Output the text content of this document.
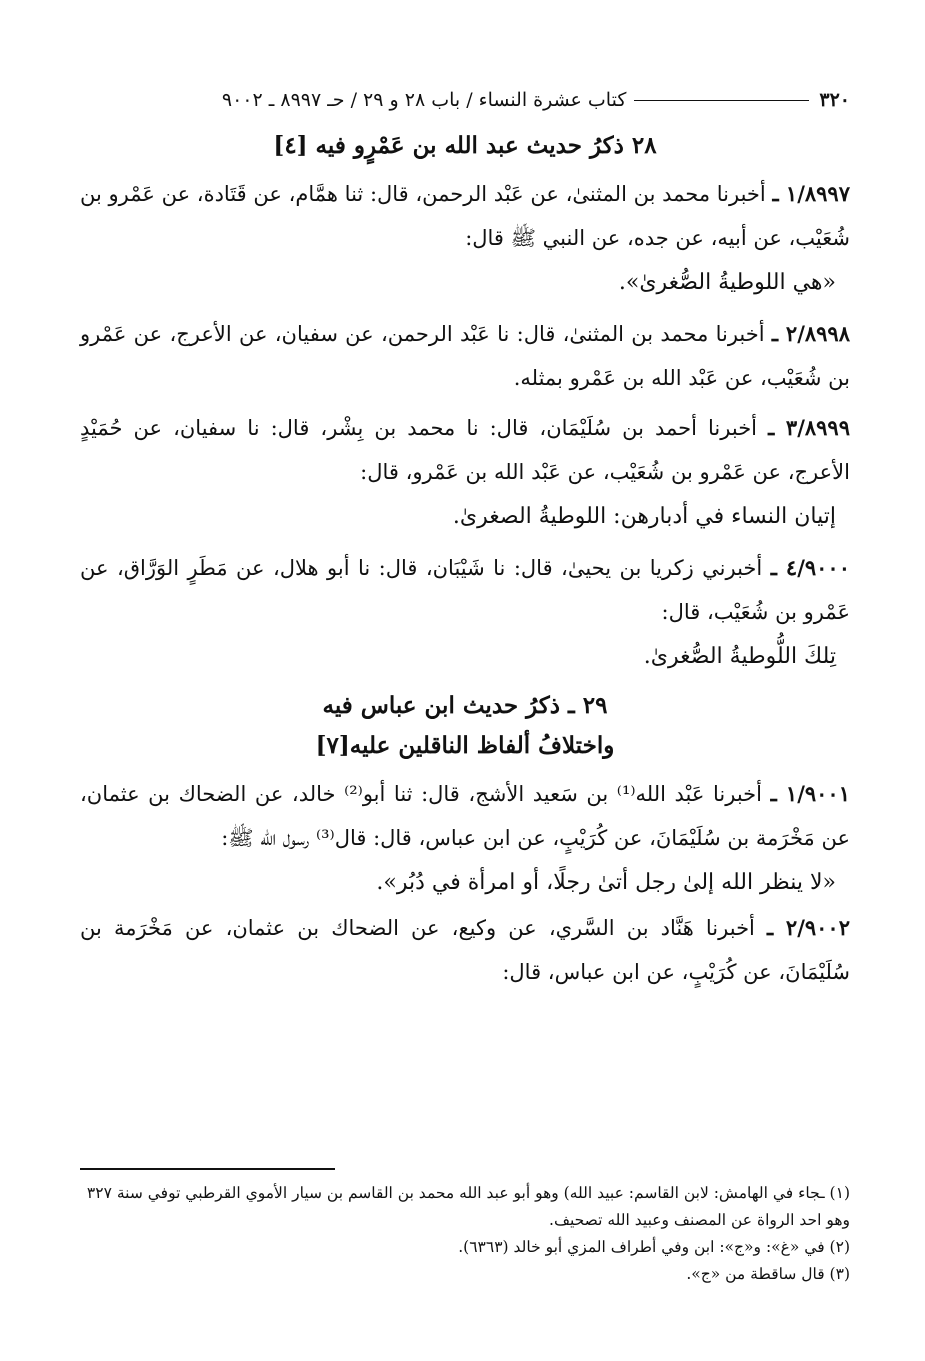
٣٢٠
كتاب عشرة النساء / باب ٢٨ و ٢٩ / حـ ٨٩٩٧ ـ ٩٠٠٢
٢٨ ذكرُ حديث عبد الله بن عَمْرٍو فيه [٤]

١/٨٩٩٧ ـ أخبرنا محمد بن المثنىٰ، عن عَبْد الرحمن، قال: ثنا همَّام، عن قَتَادة، عن عَمْرو بن شُعَيْب، عن أبيه، عن جده، عن النبي ﷺ قال:

«هي اللوطيةُ الصُّغرىٰ».

٢/٨٩٩٨ ـ أخبرنا محمد بن المثنىٰ، قال: نا عَبْد الرحمن، عن سفيان، عن الأعرج، عن عَمْرو بن شُعَيْب، عن عَبْد الله بن عَمْرو بمثله.

٣/٨٩٩٩ ـ أخبرنا أحمد بن سُلَيْمَان، قال: نا محمد بن بِشْر، قال: نا سفيان، عن حُمَيْدٍ الأعرج، عن عَمْرو بن شُعَيْب، عن عَبْد الله بن عَمْرو، قال:

إتيان النساء في أدبارهن: اللوطيةُ الصغرىٰ.

٤/٩٠٠٠ ـ أخبرني زكريا بن يحيىٰ، قال: نا شَيْبَان، قال: نا أبو هلال، عن مَطَرٍ الوَرَّاق، عن عَمْرو بن شُعَيْب، قال:

تِلكَ اللُّوطيةُ الصُّغرىٰ.

٢٩ ـ ذكرُ حديث ابن عباس فيه
واختلافُ ألفاظ الناقلين عليه[٧]

١/٩٠٠١ ـ أخبرنا عَبْد الله⁽¹⁾ بن سَعيد الأشج، قال: ثنا أبو⁽²⁾ خالد، عن الضحاك بن عثمان، عن مَخْرَمة بن سُلَيْمَانَ، عن كُرَيْبٍ، عن ابن عباس، قال: قال⁽³⁾ رسول الله ﷺ:

«لا ينظر الله إلىٰ رجل أتىٰ رجلًا، أو امرأة في دُبُر».

٢/٩٠٠٢ ـ أخبرنا هَنَّاد بن السَّري، عن وكيع، عن الضحاك بن عثمان، عن مَخْرَمة بن سُلَيْمَانَ، عن كُرَيْبٍ، عن ابن عباس، قال:

(١) ـجاء في الهامش: لابن القاسم: عبيد الله) وهو أبو عبد الله محمد بن القاسم بن سيار الأموي القرطبي توفي سنة ٣٢٧ وهو احد الرواة عن المصنف وعبيد الله تصحيف.

(٢) في «غ»: و«ج»: ابن وفي أطراف المزي أبو خالد (٦٣٦٣).

(٣) قال ساقطة من «ج».
